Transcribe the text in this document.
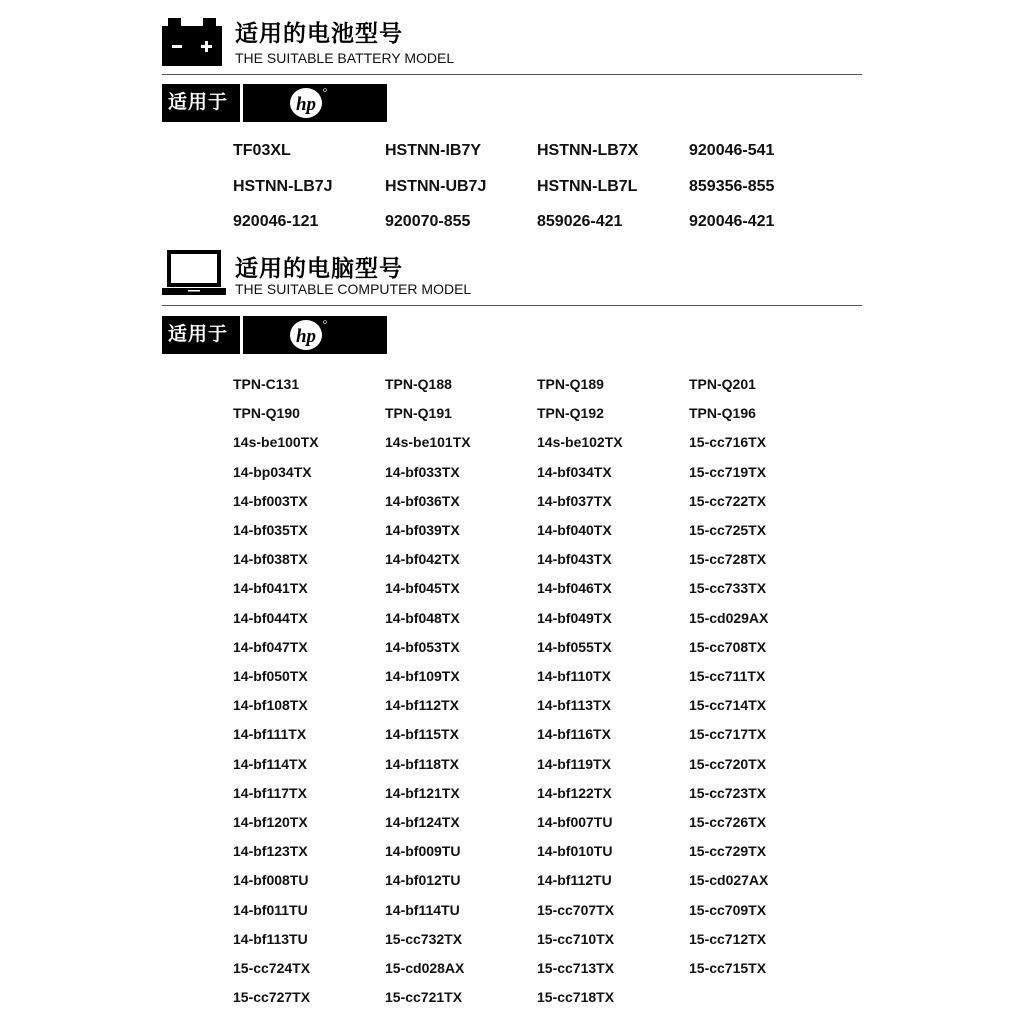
适用的电池型号
THE SUITABLE BATTERY MODEL
适用于	hp
TF03XL	HSTNN-IB7Y	HSTNN-LB7X	920046-541
HSTNN-LB7J	HSTNN-UB7J	HSTNN-LB7L	859356-855
920046-121	920070-855	859026-421	920046-421
适用的电脑型号
THE SUITABLE COMPUTER MODEL
适用于	hp
TPN-C131	TPN-Q188	TPN-Q189	TPN-Q201
TPN-Q190	TPN-Q191	TPN-Q192	TPN-Q196
14s-be100TX	14s-be101TX	14s-be102TX	15-cc716TX
14-bp034TX	14-bf033TX	14-bf034TX	15-cc719TX
14-bf003TX	14-bf036TX	14-bf037TX	15-cc722TX
14-bf035TX	14-bf039TX	14-bf040TX	15-cc725TX
14-bf038TX	14-bf042TX	14-bf043TX	15-cc728TX
14-bf041TX	14-bf045TX	14-bf046TX	15-cc733TX
14-bf044TX	14-bf048TX	14-bf049TX	15-cd029AX
14-bf047TX	14-bf053TX	14-bf055TX	15-cc708TX
14-bf050TX	14-bf109TX	14-bf110TX	15-cc711TX
14-bf108TX	14-bf112TX	14-bf113TX	15-cc714TX
14-bf111TX	14-bf115TX	14-bf116TX	15-cc717TX
14-bf114TX	14-bf118TX	14-bf119TX	15-cc720TX
14-bf117TX	14-bf121TX	14-bf122TX	15-cc723TX
14-bf120TX	14-bf124TX	14-bf007TU	15-cc726TX
14-bf123TX	14-bf009TU	14-bf010TU	15-cc729TX
14-bf008TU	14-bf012TU	14-bf112TU	15-cd027AX
14-bf011TU	14-bf114TU	15-cc707TX	15-cc709TX
14-bf113TU	15-cc732TX	15-cc710TX	15-cc712TX
15-cc724TX	15-cd028AX	15-cc713TX	15-cc715TX
15-cc727TX	15-cc721TX	15-cc718TX
